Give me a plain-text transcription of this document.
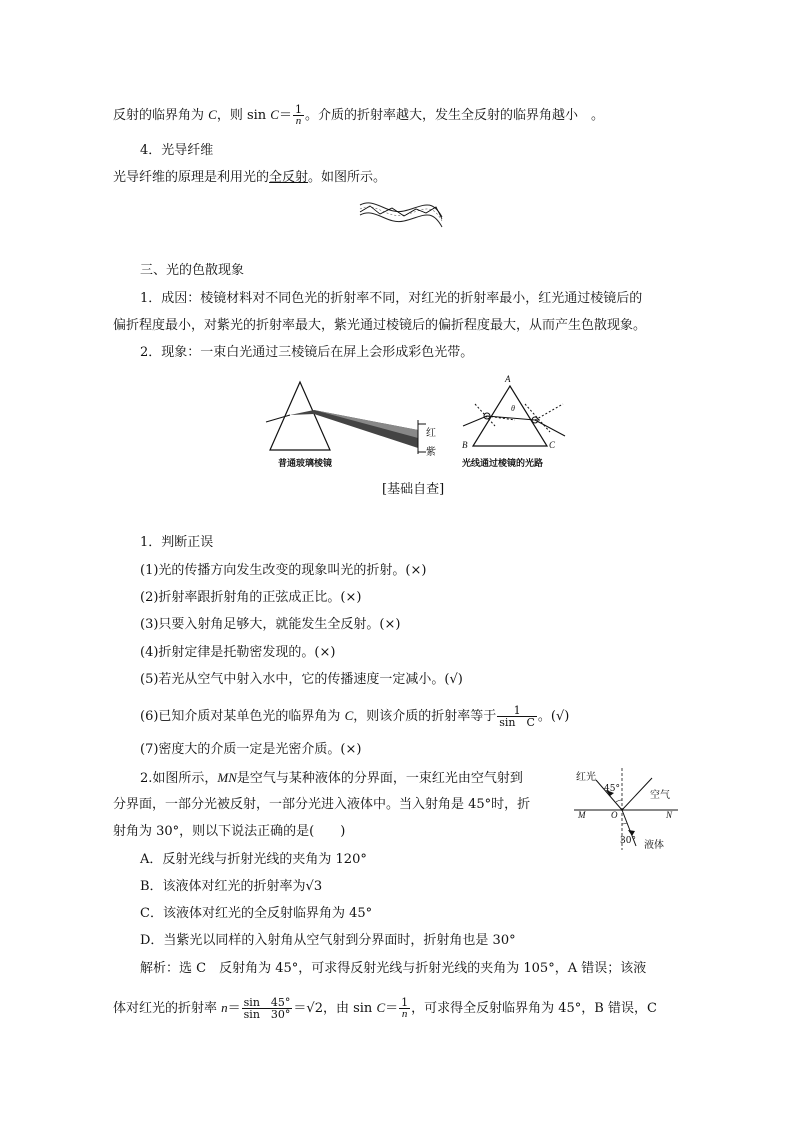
反射的临界角为 C，则 $\sin C= \frac{1}{n}$ 。介质的折射率越大，发生全反射的临界角越小　。
4．光导纤维
光导纤维的原理是利用光的全反射。如图所示。
三、光的色散现象
1．成因：棱镜材料对不同色光的折射率不同，对红光的折射率最小，红光通过棱镜后的
偏折程度最小，对紫光的折射率最大，紫光通过棱镜后的偏折程度最大，从而产生色散现象。
2．现象：一束白光通过三棱镜后在屏上会形成彩色光带。
红
紫
普通玻璃棱镜
A
B	C
θ
光线通过棱镜的光路
[基础自查]
1．判断正误
(1)光的传播方向发生改变的现象叫光的折射。(×)
(2)折射率跟折射角的正弦成正比。(×)
(3)只要入射角足够大，就能发生全反射。(×)
(4)折射定律是托勒密发现的。(×)
(5)若光从空气中射入水中，它的传播速度一定减小。(√)
(6)已知介质对某单色光的临界角为 C，则该介质的折射率等于 $\frac{1}{\text{sin　C}}$ 。(√)
(7)密度大的介质一定是光密介质。(×)
2.如图所示，MN是空气与某种液体的分界面，一束红光由空气射到
分界面，一部分光被反射，一部分光进入液体中。当入射角是 45°时，折
射角为 30°，则以下说法正确的是(　　)
红光
空气
45°
M	O	N
30° 液体
A．反射光线与折射光线的夹角为 120°
B．该液体对红光的折射率为√3
C．该液体对红光的全反射临界角为 45°
D．当紫光以同样的入射角从空气射到分界面时，折射角也是 30°
解析：选 C　反射角为 45°，可求得反射光线与折射光线的夹角为 105°，A 错误；该液
体对红光的折射率 $n= \frac{\sin 45^\circ}{\sin 30^\circ} =√2$，由 $\sin C= \frac{1}{n}$ ，可求得全反射临界角为 45°，B 错误，C
